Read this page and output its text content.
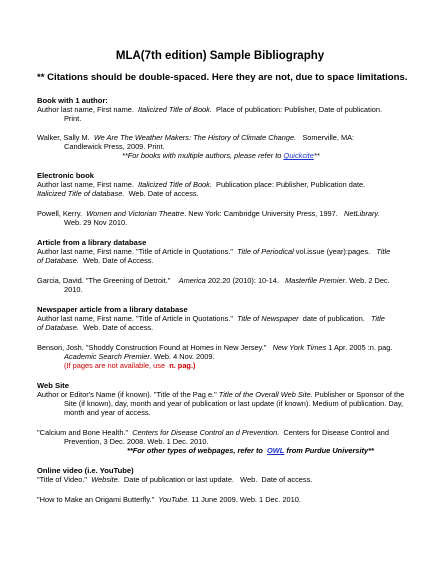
MLA(7th edition) Sample Bibliography
** Citations should be double-spaced. Here they are not, due to space limitations.
Book with 1 author:
Author last name, First name. Italicized Title of Book. Place of publication: Publisher, Date of publication.
Print.
Walker, Sally M. We Are The Weather Makers: The History of Climate Change. Somerville, MA:
Candlewick Press, 2009. Print.
**For books with multiple authors, please refer to Quickcite**
Electronic book
Author last name, First name. Italicized Title of Book. Publication place: Publisher, Publication date.
Italicized Title of database. Web. Date of access.
Powell, Kerry. Women and Victorian Theatre. New York: Cambridge University Press, 1997. NetLibrary.
Web. 29 Nov 2010.
Article from a library database
Author last name, First name. "Title of Article in Quotations." Title of Periodical vol.issue (year):pages. Title
of Database. Web. Date of Access.
Garcia, David. "The Greening of Detroit." America 202.20 (2010): 10-14. Masterfile Premier. Web. 2 Dec.
2010.
Newspaper article from a library database
Author last name, First name. "Title of Article in Quotations." Title of Newspaper date of publication. Title
of Database. Web. Date of access.
Benson, Josh. "Shoddy Construction Found at Homes in New Jersey." New York Times 1 Apr. 2005 :n. pag.
Academic Search Premier. Web. 4 Nov. 2009.
(If pages are not available, use n. pag.)
Web Site
Author or Editor's Name (if known). "Title of the Pag e." Title of the Overall Web Site. Publisher or Sponsor of the
Site (if known), day, month and year of publication or last update (if known). Medium of publication. Day,
month and year of access.
"Calcium and Bone Health." Centers for Disease Control an d Prevention. Centers for Disease Control and
Prevention, 3 Dec. 2008. Web. 1 Dec. 2010.
**For other types of webpages, refer to OWL from Purdue University**
Online video (i.e. YouTube)
"Title of Video." Website. Date of publication or last update. Web. Date of access.
"How to Make an Origami Butterfly." YouTube. 11 June 2009. Web. 1 Dec. 2010.
